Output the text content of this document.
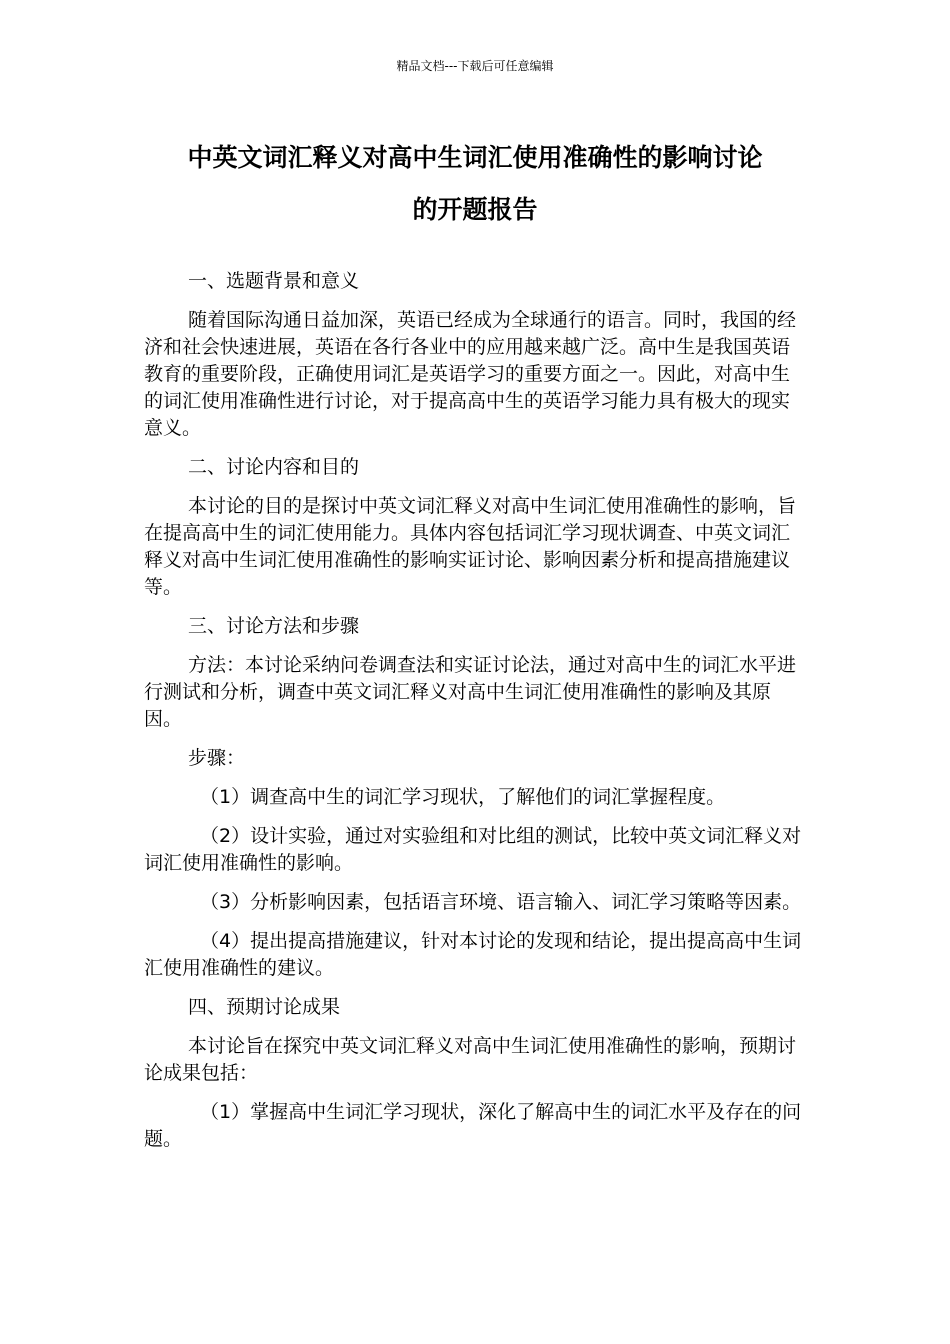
精品文档---下载后可任意编辑
中英文词汇释义对高中生词汇使用准确性的影响讨论
的开题报告

一、选题背景和意义

随着国际沟通日益加深，英语已经成为全球通行的语言。同时，我国的经济和社会快速进展，英语在各行各业中的应用越来越广泛。高中生是我国英语教育的重要阶段，正确使用词汇是英语学习的重要方面之一。因此，对高中生的词汇使用准确性进行讨论，对于提高高中生的英语学习能力具有极大的现实意义。

二、讨论内容和目的

本讨论的目的是探讨中英文词汇释义对高中生词汇使用准确性的影响，旨在提高高中生的词汇使用能力。具体内容包括词汇学习现状调查、中英文词汇释义对高中生词汇使用准确性的影响实证讨论、影响因素分析和提高措施建议等。

三、讨论方法和步骤

方法：本讨论采纳问卷调查法和实证讨论法，通过对高中生的词汇水平进行测试和分析，调查中英文词汇释义对高中生词汇使用准确性的影响及其原因。

步骤：

（1）调查高中生的词汇学习现状，了解他们的词汇掌握程度。

（2）设计实验，通过对实验组和对比组的测试，比较中英文词汇释义对词汇使用准确性的影响。

（3）分析影响因素，包括语言环境、语言输入、词汇学习策略等因素。

（4）提出提高措施建议，针对本讨论的发现和结论，提出提高高中生词汇使用准确性的建议。

四、预期讨论成果

本讨论旨在探究中英文词汇释义对高中生词汇使用准确性的影响，预期讨论成果包括：

（1）掌握高中生词汇学习现状，深化了解高中生的词汇水平及存在的问题。
